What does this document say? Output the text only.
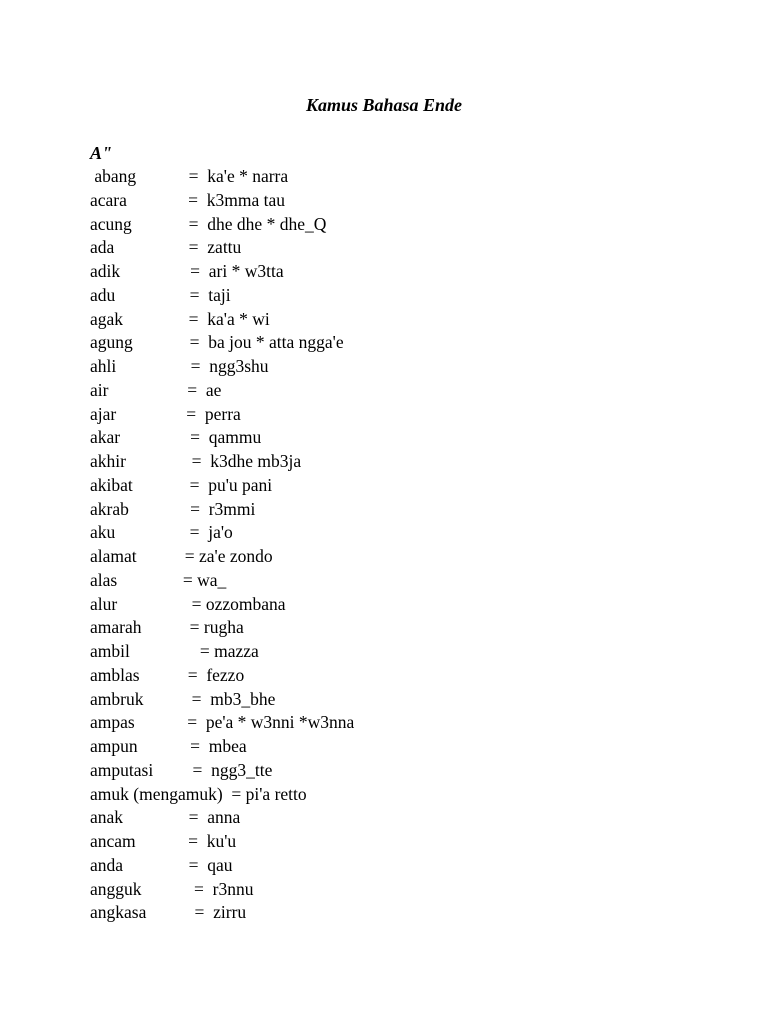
Kamus Bahasa Ende
A"
abang            =  ka'e * narra
acara              =  k3mma tau
acung             =  dhe dhe * dhe_Q
ada                 =  zattu
adik                =  ari * w3tta
adu                 =  taji
agak               =  ka'a * wi
agung             =  ba jou * atta ngga'e
ahli                 =  ngg3shu
air                  =  ae
ajar                =  perra
akar                =  qammu
akhir               =  k3dhe mb3ja
akibat             =  pu'u pani
akrab              =  r3mmi
aku                 =  ja'o
alamat           = za'e zondo
alas               = wa_
alur                 = ozzombana
amarah           = rugha
ambil                = mazza
amblas           =  fezzo
ambruk           =  mb3_bhe
ampas            =  pe'a * w3nni *w3nna
ampun            =  mbea
amputasi         =  ngg3_tte
amuk (mengamuk)  = pi'a retto
anak               =  anna
ancam            =  ku'u
anda               =  qau
angguk            =  r3nnu
angkasa           =  zirru
